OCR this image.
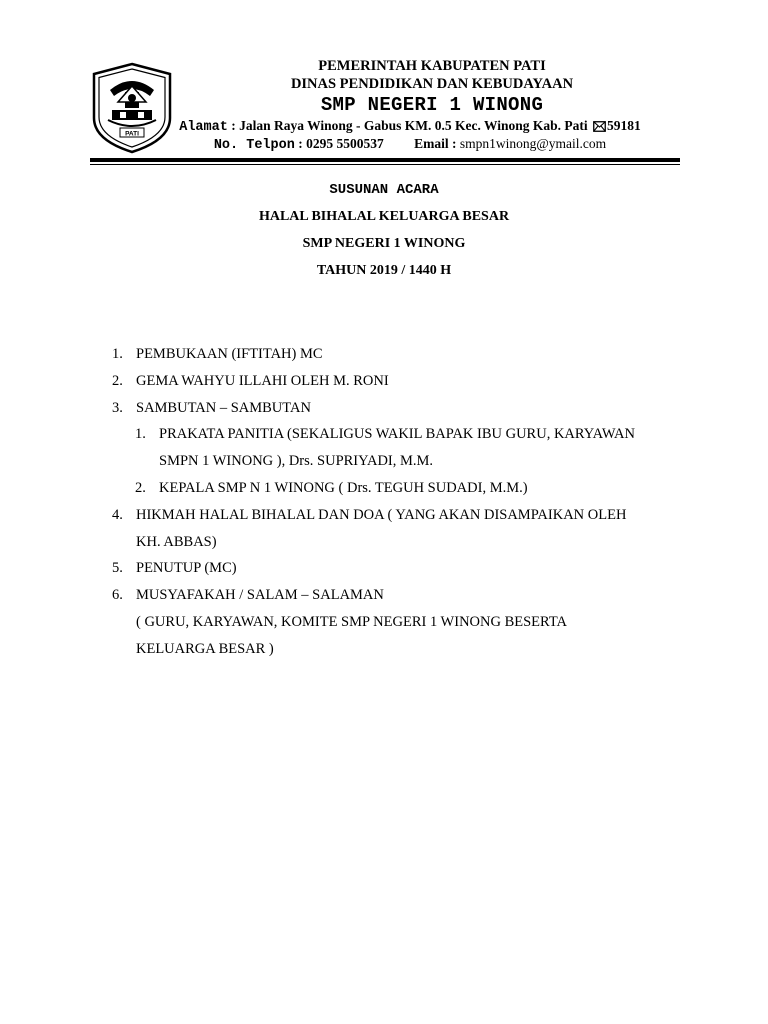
PATI
PEMERINTAH KABUPATEN PATI
DINAS PENDIDIKAN DAN KEBUDAYAAN
SMP NEGERI 1 WINONG
Alamat : Jalan Raya Winong - Gabus KM. 0.5 Kec. Winong Kab. Pati 59181
No. Telpon : 0295 5500537 Email : smpn1winong@ymail.com
SUSUNAN ACARA
HALAL BIHALAL KELUARGA BESAR
SMP NEGERI 1 WINONG
TAHUN 2019 / 1440 H
1. PEMBUKAAN (IFTITAH) MC
2. GEMA WAHYU ILLAHI OLEH M. RONI
3. SAMBUTAN – SAMBUTAN
1. PRAKATA PANITIA (SEKALIGUS WAKIL BAPAK IBU GURU, KARYAWAN
SMPN 1 WINONG ), Drs. SUPRIYADI, M.M.
2. KEPALA SMP N 1 WINONG ( Drs. TEGUH SUDADI, M.M.)
4. HIKMAH HALAL BIHALAL DAN DOA ( YANG AKAN DISAMPAIKAN OLEH
KH. ABBAS)
5. PENUTUP (MC)
6. MUSYAFAKAH / SALAM – SALAMAN
( GURU, KARYAWAN, KOMITE SMP NEGERI 1 WINONG BESERTA
KELUARGA BESAR )
